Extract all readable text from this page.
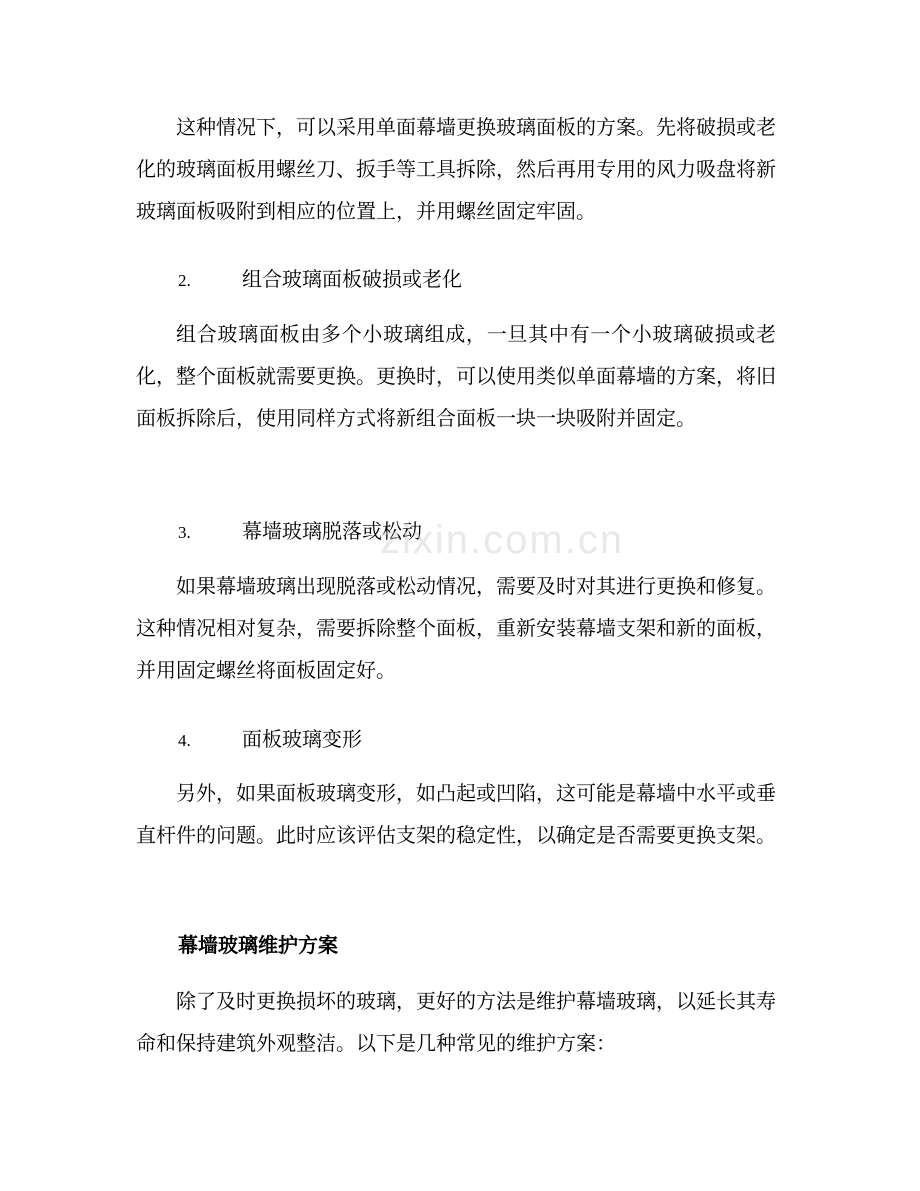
这种情况下，可以采用单面幕墙更换玻璃面板的方案。先将破损或老化的玻璃面板用螺丝刀、扳手等工具拆除，然后再用专用的风力吸盘将新玻璃面板吸附到相应的位置上，并用螺丝固定牢固。

2.	组合玻璃面板破损或老化

组合玻璃面板由多个小玻璃组成，一旦其中有一个小玻璃破损或老化，整个面板就需要更换。更换时，可以使用类似单面幕墙的方案，将旧面板拆除后，使用同样方式将新组合面板一块一块吸附并固定。

3.	幕墙玻璃脱落或松动

如果幕墙玻璃出现脱落或松动情况，需要及时对其进行更换和修复。这种情况相对复杂，需要拆除整个面板，重新安装幕墙支架和新的面板，并用固定螺丝将面板固定好。

4.	面板玻璃变形

另外，如果面板玻璃变形，如凸起或凹陷，这可能是幕墙中水平或垂直杆件的问题。此时应该评估支架的稳定性，以确定是否需要更换支架。

幕墙玻璃维护方案

除了及时更换损坏的玻璃，更好的方法是维护幕墙玻璃，以延长其寿命和保持建筑外观整洁。以下是几种常见的维护方案：

zixin.com.cn
